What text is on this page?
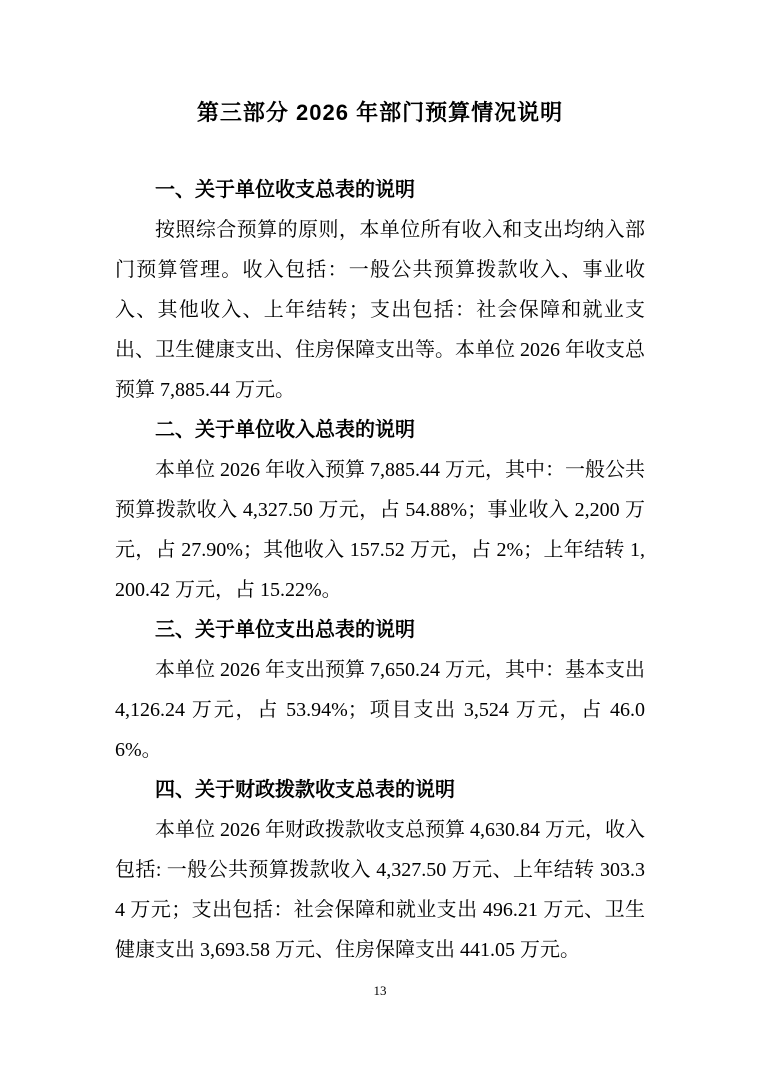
第三部分 2026 年部门预算情况说明
一、关于单位收支总表的说明
按照综合预算的原则，本单位所有收入和支出均纳入部门预算管理。收入包括：一般公共预算拨款收入、事业收入、其他收入、上年结转；支出包括：社会保障和就业支出、卫生健康支出、住房保障支出等。本单位 2026 年收支总预算 7,885.44 万元。
二、关于单位收入总表的说明
本单位 2026 年收入预算 7,885.44 万元，其中：一般公共预算拨款收入 4,327.50 万元，占 54.88%；事业收入 2,200 万元，占 27.90%；其他收入 157.52 万元，占 2%；上年结转 1,200.42 万元，占 15.22%。
三、关于单位支出总表的说明
本单位 2026 年支出预算 7,650.24 万元，其中：基本支出 4,126.24 万元，占 53.94%；项目支出 3,524 万元，占 46.06%。
四、关于财政拨款收支总表的说明
本单位 2026 年财政拨款收支总预算 4,630.84 万元，收入包括: 一般公共预算拨款收入 4,327.50 万元、上年结转 303.34 万元；支出包括：社会保障和就业支出 496.21 万元、卫生健康支出 3,693.58 万元、住房保障支出 441.05 万元。
13
